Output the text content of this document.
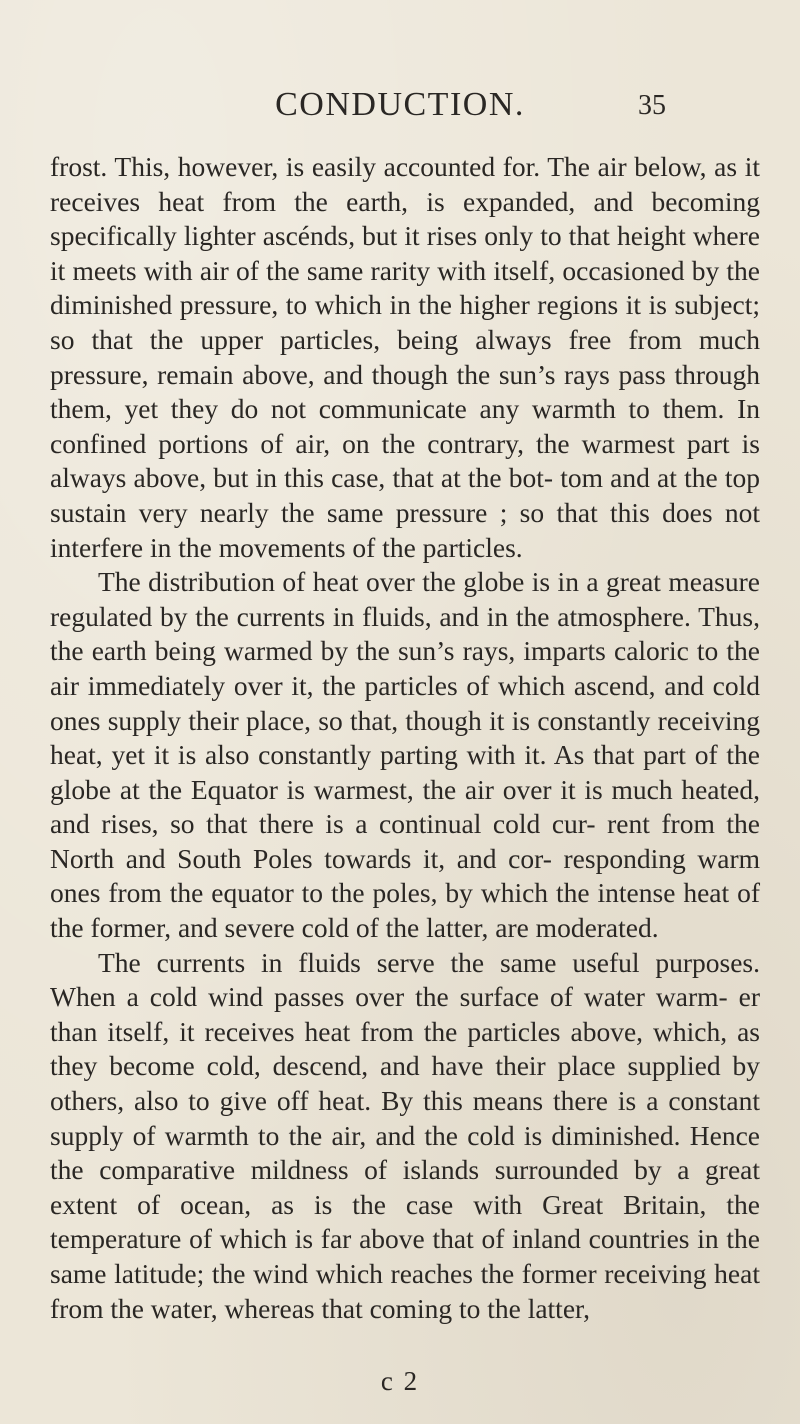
CONDUCTION.	35

frost. This, however, is easily accounted for. The air below, as it receives heat from the earth, is expanded, and becoming specifically lighter ascénds, but it rises only to that height where it meets with air of the same rarity with itself, occasioned by the diminished pressure, to which in the higher regions it is subject; so that the upper particles, being always free from much pressure, remain above, and though the sun’s rays pass through them, yet they do not communicate any warmth to them. In confined portions of air, on the contrary, the warmest part is always above, but in this case, that at the bot- tom and at the top sustain very nearly the same pressure ; so that this does not interfere in the movements of the particles.

The distribution of heat over the globe is in a great measure regulated by the currents in fluids, and in the atmosphere. Thus, the earth being warmed by the sun’s rays, imparts caloric to the air immediately over it, the particles of which ascend, and cold ones supply their place, so that, though it is constantly receiving heat, yet it is also constantly parting with it. As that part of the globe at the Equator is warmest, the air over it is much heated, and rises, so that there is a continual cold cur- rent from the North and South Poles towards it, and cor- responding warm ones from the equator to the poles, by which the intense heat of the former, and severe cold of the latter, are moderated.

The currents in fluids serve the same useful purposes. When a cold wind passes over the surface of water warm- er than itself, it receives heat from the particles above, which, as they become cold, descend, and have their place supplied by others, also to give off heat. By this means there is a constant supply of warmth to the air, and the cold is diminished. Hence the comparative mildness of islands surrounded by a great extent of ocean, as is the case with Great Britain, the temperature of which is far above that of inland countries in the same latitude; the wind which reaches the former receiving heat from the water, whereas that coming to the latter,

c 2
